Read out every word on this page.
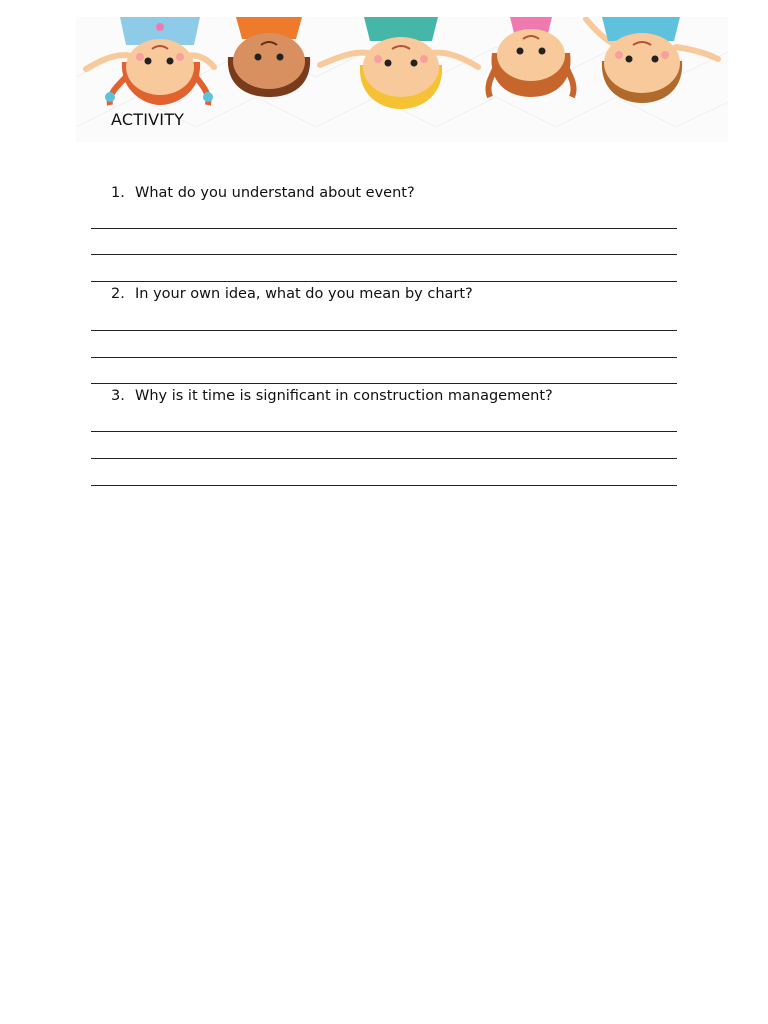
ACTIVITY
1. What do you understand about event?
2. In your own idea, what do you mean by chart?
3. Why is it time is significant in construction management?
